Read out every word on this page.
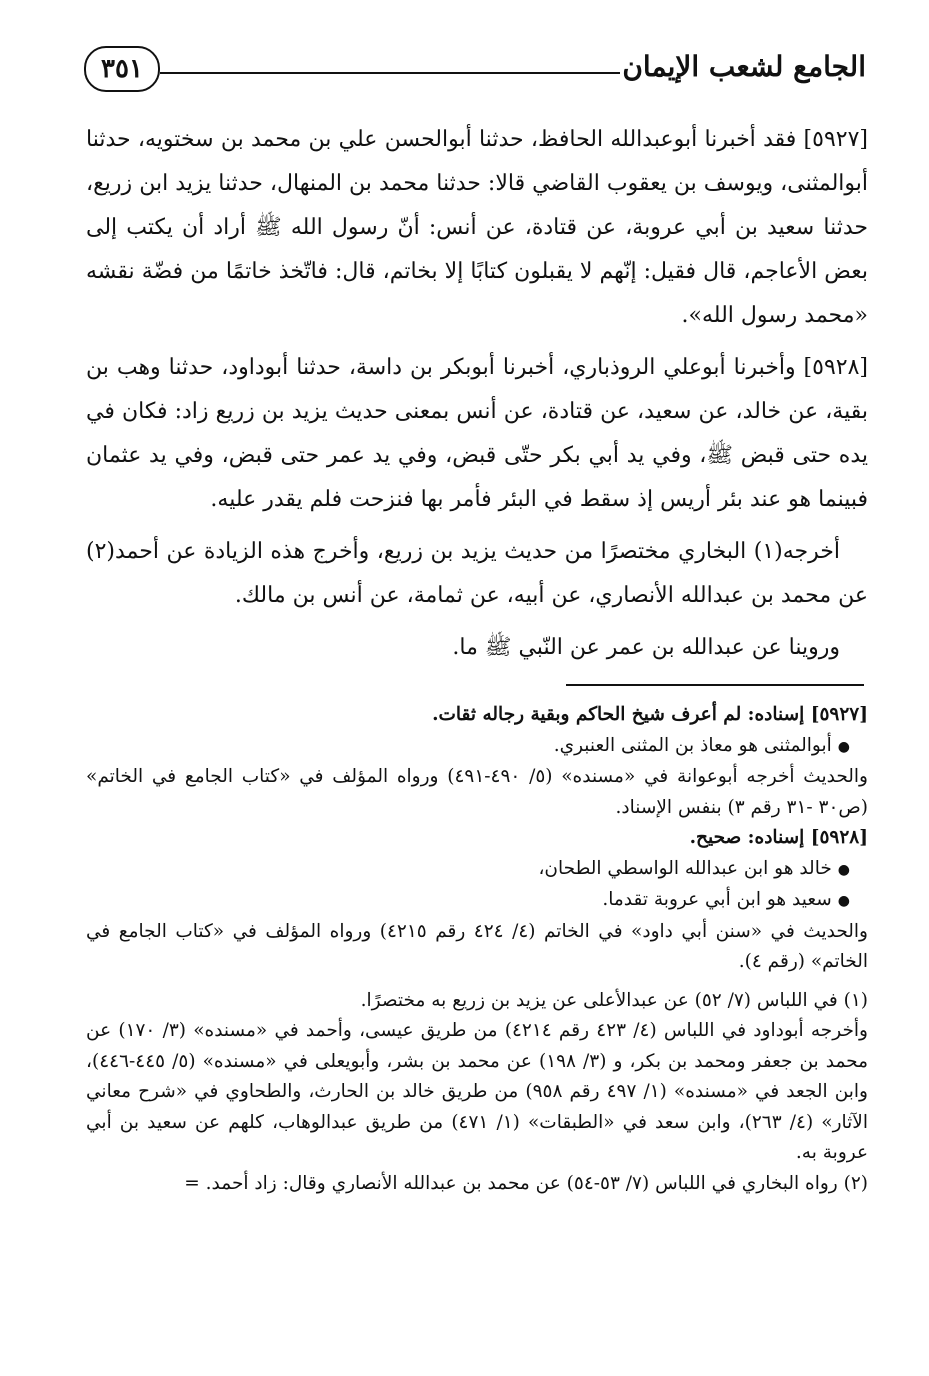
٣٥١	الجامع لشعب الإيمان

[٥٩٢٧] فقد أخبرنا أبوعبدالله الحافظ، حدثنا أبوالحسن علي بن محمد بن سختويه، حدثنا أبوالمثنى، ويوسف بن يعقوب القاضي قالا: حدثنا محمد بن المنهال، حدثنا يزيد ابن زريع، حدثنا سعيد بن أبي عروبة، عن قتادة، عن أنس: أنّ رسول الله ﷺ أراد أن يكتب إلى بعض الأعاجم، قال فقيل: إنّهم لا يقبلون كتابًا إلا بخاتم، قال: فاتّخذ خاتمًا من فضّة نقشه «محمد رسول الله».

[٥٩٢٨] وأخبرنا أبوعلي الروذباري، أخبرنا أبوبكر بن داسة، حدثنا أبوداود، حدثنا وهب بن بقية، عن خالد، عن سعيد، عن قتادة، عن أنس بمعنى حديث يزيد بن زريع زاد: فكان في يده حتى قبض ﷺ، وفي يد أبي بكر حتّى قبض، وفي يد عمر حتى قبض، وفي يد عثمان فبينما هو عند بئر أريس إذ سقط في البئر فأمر بها فنزحت فلم يقدر عليه.

أخرجه(١) البخاري مختصرًا من حديث يزيد بن زريع، وأخرج هذه الزيادة عن أحمد(٢) عن محمد بن عبدالله الأنصاري، عن أبيه، عن ثمامة، عن أنس بن مالك.

وروينا عن عبدالله بن عمر عن النّبي ﷺ ما.

[٥٩٢٧] إسناده: لم أعرف شيخ الحاكم وبقية رجاله ثقات.

●أبوالمثنى هو معاذ بن المثنى العنبري.

والحديث أخرجه أبوعوانة في «مسنده» (٥/ ٤٩٠-٤٩١) ورواه المؤلف في «كتاب الجامع في الخاتم» (ص٣٠ -٣١ رقم ٣) بنفس الإسناد.

[٥٩٢٨] إسناده: صحيح.

●خالد هو ابن عبدالله الواسطي الطحان،

●سعيد هو ابن أبي عروبة تقدما.

والحديث في «سنن أبي داود» في الخاتم (٤/ ٤٢٤ رقم ٤٢١٥) ورواه المؤلف في «كتاب الجامع في الخاتم» (رقم ٤).

(١) في اللباس (٧/ ٥٢) عن عبدالأعلى عن يزيد بن زريع به مختصرًا.

وأخرجه أبوداود في اللباس (٤/ ٤٢٣ رقم ٤٢١٤) من طريق عيسى، وأحمد في «مسنده» (٣/ ١٧٠) عن محمد بن جعفر ومحمد بن بكر، و (٣/ ١٩٨) عن محمد بن بشر، وأبويعلى في «مسنده» (٥/ ٤٤٥-٤٤٦)، وابن الجعد في «مسنده» (١/ ٤٩٧ رقم ٩٥٨) من طريق خالد بن الحارث، والطحاوي في «شرح معاني الآثار» (٤/ ٢٦٣)، وابن سعد في «الطبقات» (١/ ٤٧١) من طريق عبدالوهاب، كلهم عن سعيد بن أبي عروبة به.

(٢) رواه البخاري في اللباس (٧/ ٥٣-٥٤) عن محمد بن عبدالله الأنصاري وقال: زاد أحمد. =
